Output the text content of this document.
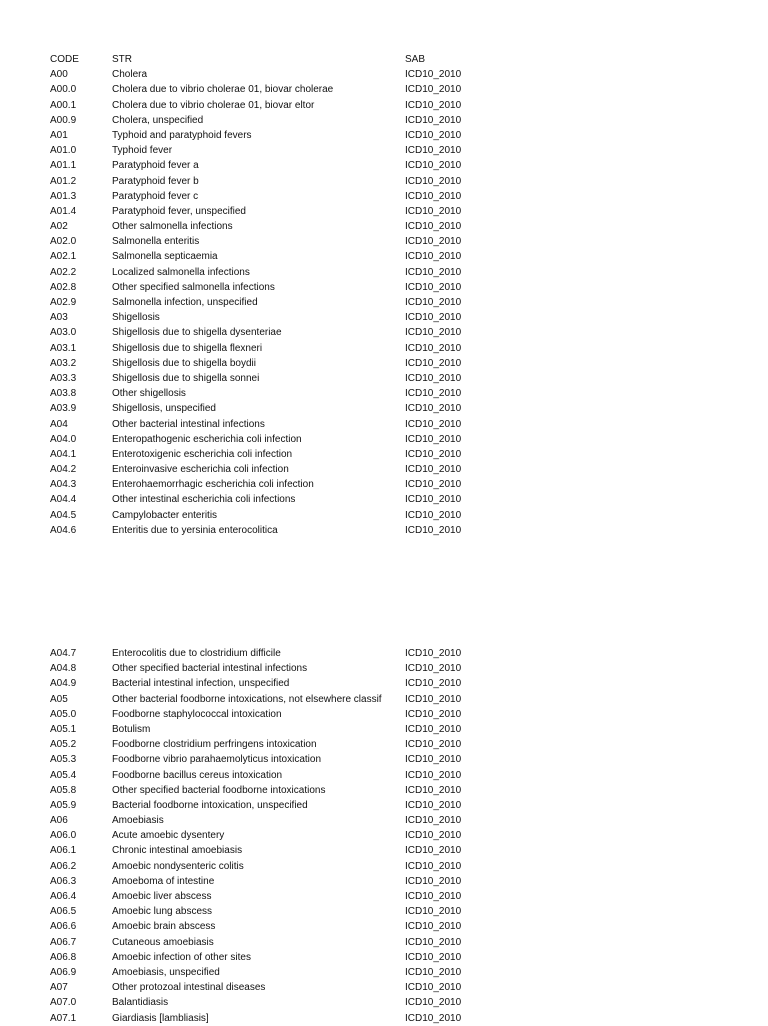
CODE	STR	SAB
A00	Cholera	ICD10_2010
A00.0	Cholera due to vibrio cholerae 01, biovar cholerae	ICD10_2010
A00.1	Cholera due to vibrio cholerae 01, biovar eltor	ICD10_2010
A00.9	Cholera, unspecified	ICD10_2010
A01	Typhoid and paratyphoid fevers	ICD10_2010
A01.0	Typhoid fever	ICD10_2010
A01.1	Paratyphoid fever a	ICD10_2010
A01.2	Paratyphoid fever b	ICD10_2010
A01.3	Paratyphoid fever c	ICD10_2010
A01.4	Paratyphoid fever, unspecified	ICD10_2010
A02	Other salmonella infections	ICD10_2010
A02.0	Salmonella enteritis	ICD10_2010
A02.1	Salmonella septicaemia	ICD10_2010
A02.2	Localized salmonella infections	ICD10_2010
A02.8	Other specified salmonella infections	ICD10_2010
A02.9	Salmonella infection, unspecified	ICD10_2010
A03	Shigellosis	ICD10_2010
A03.0	Shigellosis due to shigella dysenteriae	ICD10_2010
A03.1	Shigellosis due to shigella flexneri	ICD10_2010
A03.2	Shigellosis due to shigella boydii	ICD10_2010
A03.3	Shigellosis due to shigella sonnei	ICD10_2010
A03.8	Other shigellosis	ICD10_2010
A03.9	Shigellosis, unspecified	ICD10_2010
A04	Other bacterial intestinal infections	ICD10_2010
A04.0	Enteropathogenic escherichia coli infection	ICD10_2010
A04.1	Enterotoxigenic escherichia coli infection	ICD10_2010
A04.2	Enteroinvasive escherichia coli infection	ICD10_2010
A04.3	Enterohaemorrhagic escherichia coli infection	ICD10_2010
A04.4	Other intestinal escherichia coli infections	ICD10_2010
A04.5	Campylobacter enteritis	ICD10_2010
A04.6	Enteritis due to yersinia enterocolitica	ICD10_2010
A04.7	Enterocolitis due to clostridium difficile	ICD10_2010
A04.8	Other specified bacterial intestinal infections	ICD10_2010
A04.9	Bacterial intestinal infection, unspecified	ICD10_2010
A05	Other bacterial foodborne intoxications, not elsewhere classif ICD10_2010
A05.0	Foodborne staphylococcal intoxication	ICD10_2010
A05.1	Botulism	ICD10_2010
A05.2	Foodborne clostridium perfringens intoxication	ICD10_2010
A05.3	Foodborne vibrio parahaemolyticus intoxication	ICD10_2010
A05.4	Foodborne bacillus cereus intoxication	ICD10_2010
A05.8	Other specified bacterial foodborne intoxications	ICD10_2010
A05.9	Bacterial foodborne intoxication, unspecified	ICD10_2010
A06	Amoebiasis	ICD10_2010
A06.0	Acute amoebic dysentery	ICD10_2010
A06.1	Chronic intestinal amoebiasis	ICD10_2010
A06.2	Amoebic nondysenteric colitis	ICD10_2010
A06.3	Amoeboma of intestine	ICD10_2010
A06.4	Amoebic liver abscess	ICD10_2010
A06.5	Amoebic lung abscess	ICD10_2010
A06.6	Amoebic brain abscess	ICD10_2010
A06.7	Cutaneous amoebiasis	ICD10_2010
A06.8	Amoebic infection of other sites	ICD10_2010
A06.9	Amoebiasis, unspecified	ICD10_2010
A07	Other protozoal intestinal diseases	ICD10_2010
A07.0	Balantidiasis	ICD10_2010
A07.1	Giardiasis [lambliasis]	ICD10_2010
